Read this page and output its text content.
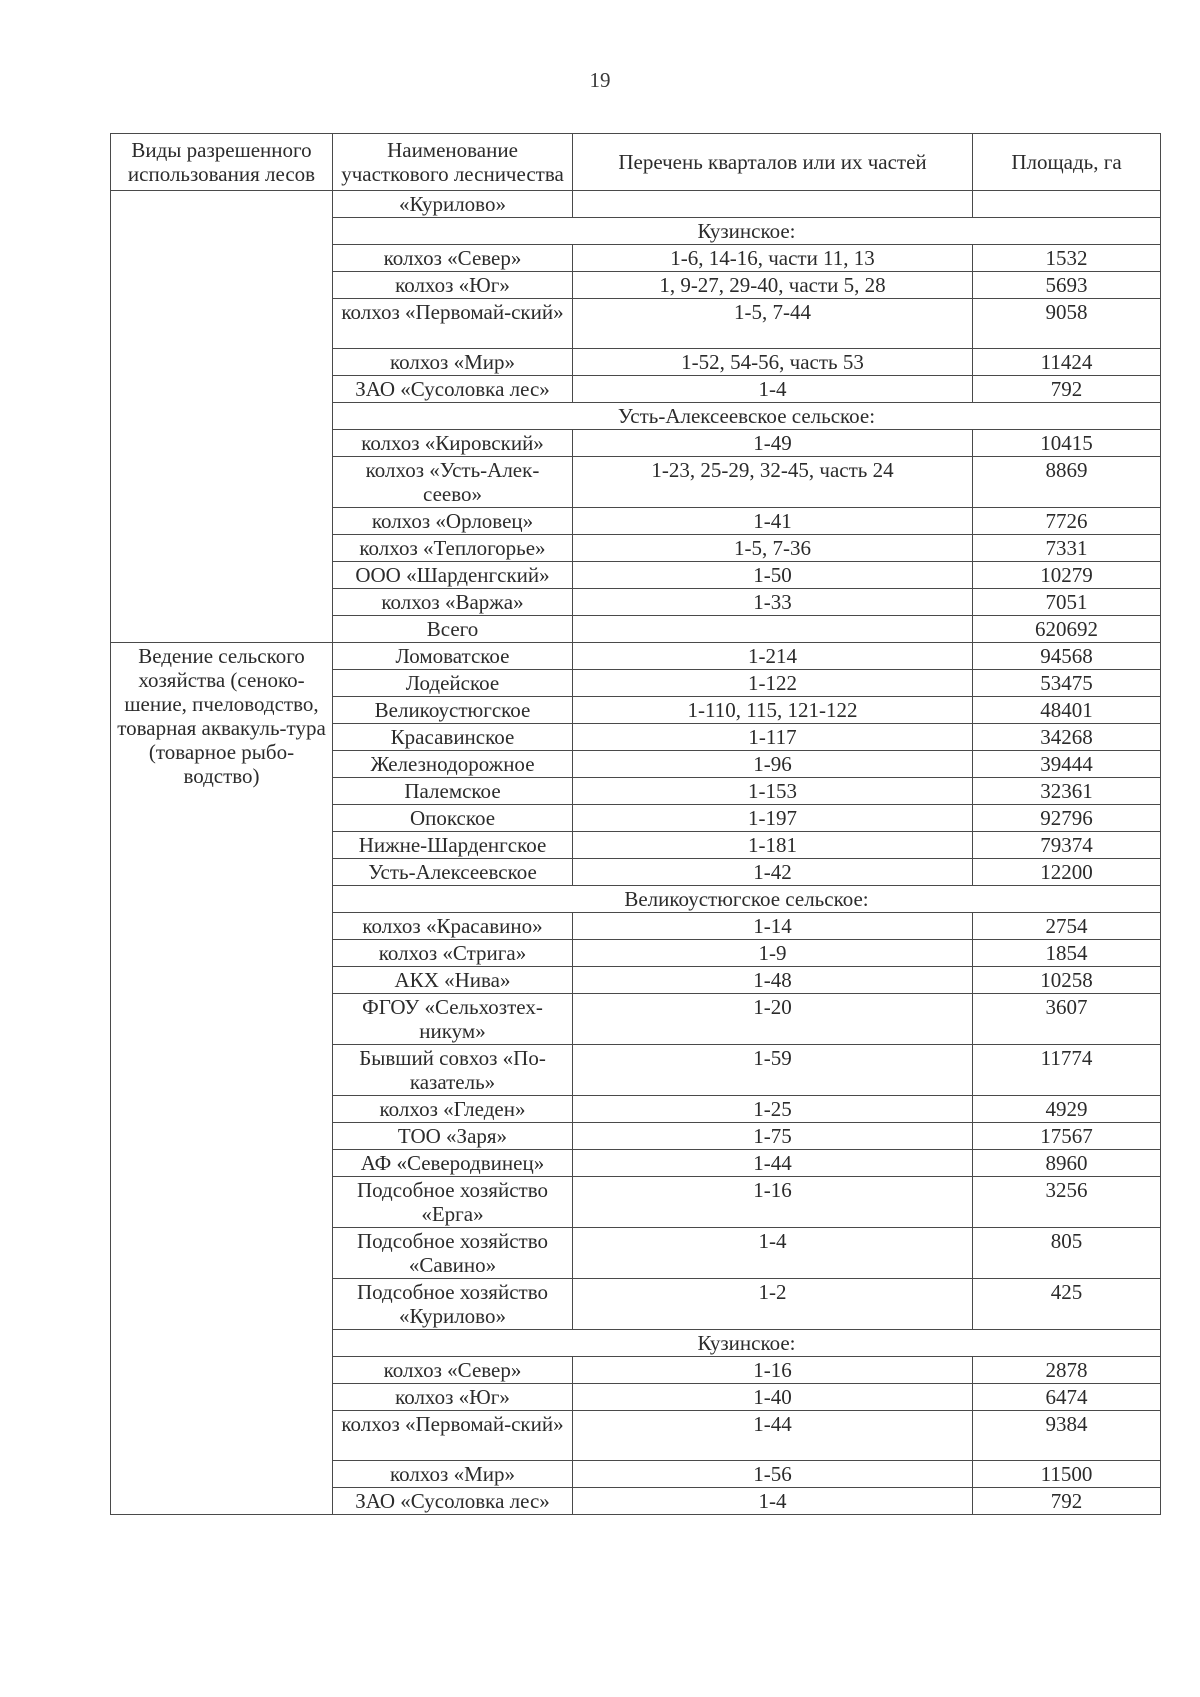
19
Виды разрешенного использования лесов	Наименование участкового лесничества	Перечень кварталов или их частей	Площадь, га
	«Курилово»		
	Кузинское:		
	колхоз «Север»	1-6, 14-16, части 11, 13	1532
	колхоз «Юг»	1, 9-27, 29-40, части 5, 28	5693
	колхоз «Первомай-ский»	1-5, 7-44	9058
	колхоз «Мир»	1-52, 54-56, часть 53	11424
	ЗАО «Сусоловка лес»	1-4	792
	Усть-Алексеевское сельское:		
	колхоз «Кировский»	1-49	10415
	колхоз «Усть-Алек-сеево»	1-23, 25-29, 32-45, часть 24	8869
	колхоз «Орловец»	1-41	7726
	колхоз «Теплогорье»	1-5, 7-36	7331
	ООО «Шарденгский»	1-50	10279
	колхоз «Варжа»	1-33	7051
	Всего		620692
Ведение сельского хозяйства (сеноко-шение, пчеловодство, товарная аквакуль-тура (товарное рыбо-водство)	Ломоватское	1-214	94568
	Лодейское	1-122	53475
	Великоустюгское	1-110, 115, 121-122	48401
	Красавинское	1-117	34268
	Железнодорожное	1-96	39444
	Палемское	1-153	32361
	Опокское	1-197	92796
	Нижне-Шарденгское	1-181	79374
	Усть-Алексеевское	1-42	12200
	Великоустюгское сельское:		
	колхоз «Красавино»	1-14	2754
	колхоз «Стрига»	1-9	1854
	АКХ «Нива»	1-48	10258
	ФГОУ «Сельхозтех-никум»	1-20	3607
	Бывший совхоз «По-казатель»	1-59	11774
	колхоз «Гледен»	1-25	4929
	ТОО «Заря»	1-75	17567
	АФ «Северодвинец»	1-44	8960
	Подсобное хозяйство «Ерга»	1-16	3256
	Подсобное хозяйство «Савино»	1-4	805
	Подсобное хозяйство «Курилово»	1-2	425
	Кузинское:		
	колхоз «Север»	1-16	2878
	колхоз «Юг»	1-40	6474
	колхоз «Первомай-ский»	1-44	9384
	колхоз «Мир»	1-56	11500
	ЗАО «Сусоловка лес»	1-4	792
